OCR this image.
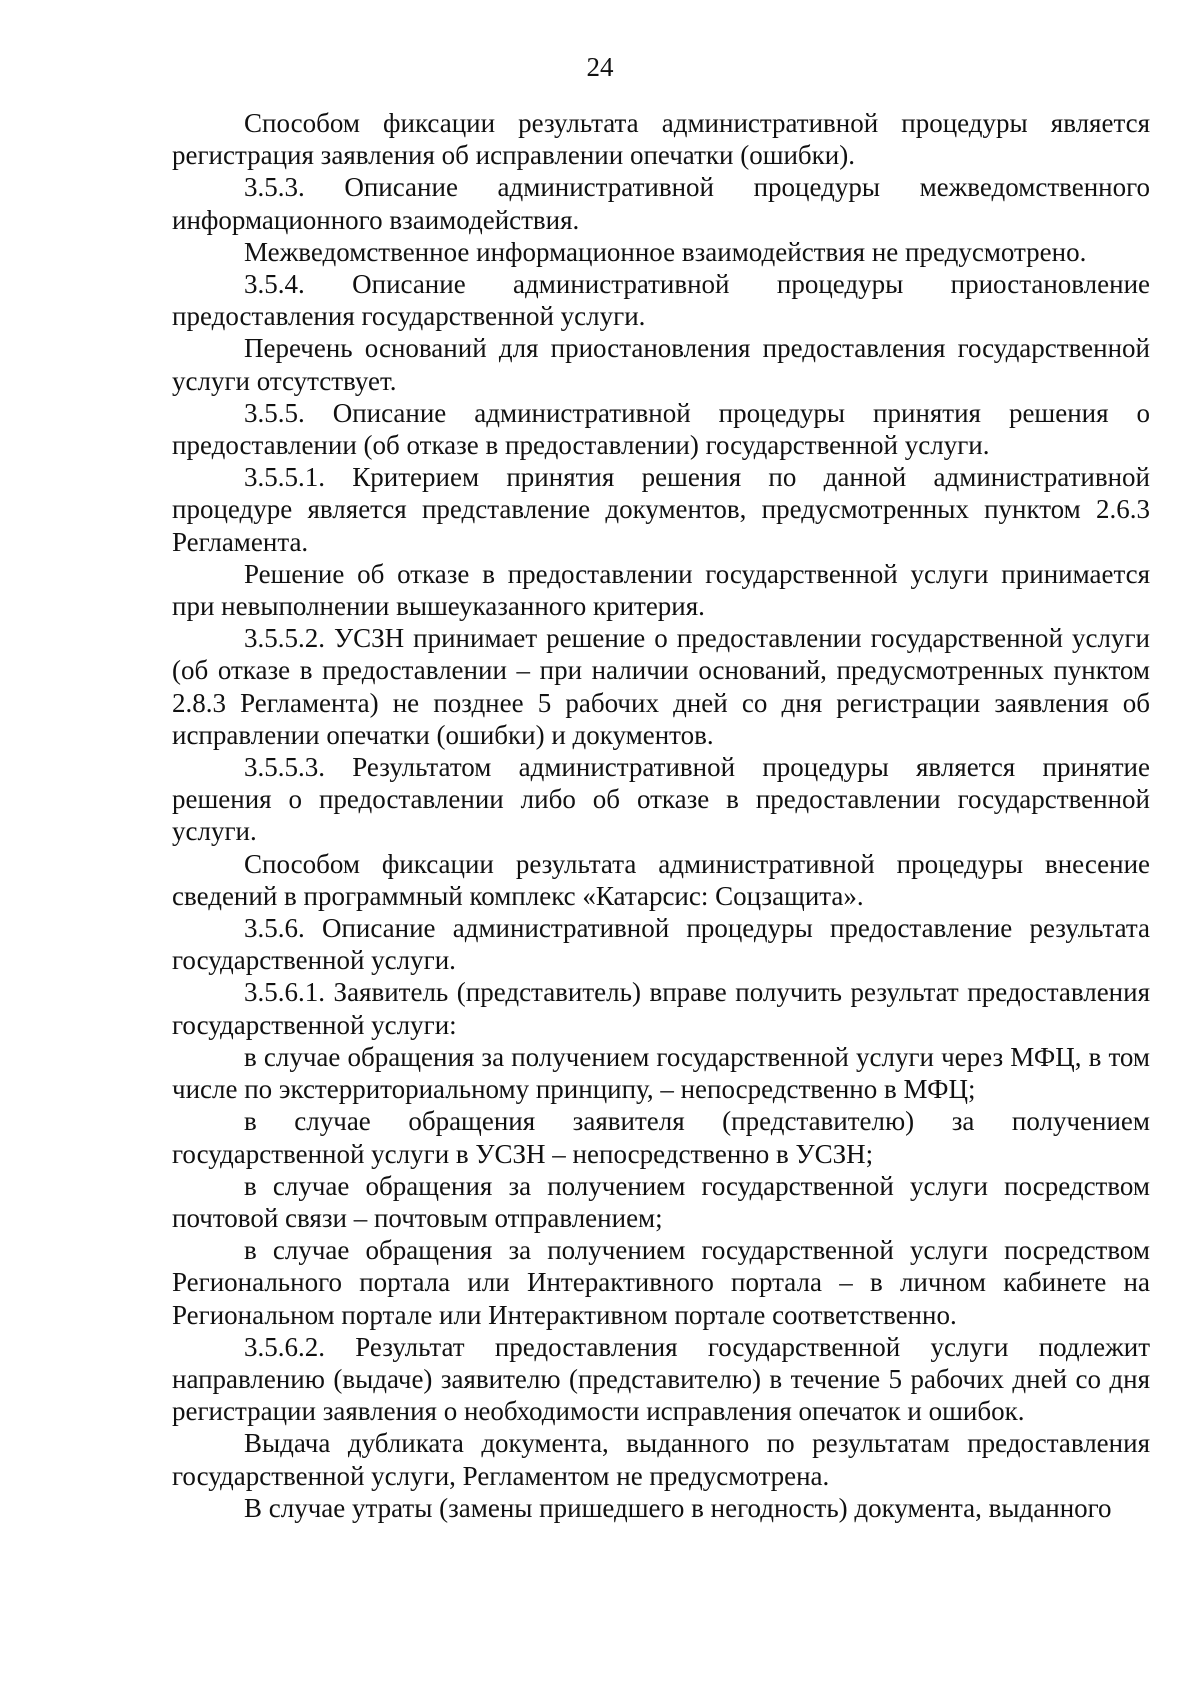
24

Способом фиксации результата административной процедуры является регистрация заявления об исправлении опечатки (ошибки).

3.5.3. Описание административной процедуры межведомственного информационного взаимодействия.

Межведомственное информационное взаимодействия не предусмотрено.

3.5.4. Описание административной процедуры приостановление предоставления государственной услуги.

Перечень оснований для приостановления предоставления государственной услуги отсутствует.

3.5.5. Описание административной процедуры принятия решения о предоставлении (об отказе в предоставлении) государственной услуги.

3.5.5.1. Критерием принятия решения по данной административной процедуре является представление документов, предусмотренных пунктом 2.6.3 Регламента.

Решение об отказе в предоставлении государственной услуги принимается при невыполнении вышеуказанного критерия.

3.5.5.2. УСЗН принимает решение о предоставлении государственной услуги (об отказе в предоставлении – при наличии оснований, предусмотренных пунктом 2.8.3 Регламента) не позднее 5 рабочих дней со дня регистрации заявления об исправлении опечатки (ошибки) и документов.

3.5.5.3. Результатом административной процедуры является принятие решения о предоставлении либо об отказе в предоставлении государственной услуги.

Способом фиксации результата административной процедуры внесение сведений в программный комплекс «Катарсис: Соцзащита».

3.5.6. Описание административной процедуры предоставление результата государственной услуги.

3.5.6.1. Заявитель (представитель) вправе получить результат предоставления государственной услуги:

в случае обращения за получением государственной услуги через МФЦ, в том числе по экстерриториальному принципу, – непосредственно в МФЦ;

в случае обращения заявителя (представителю) за получением государственной услуги в УСЗН – непосредственно в УСЗН;

в случае обращения за получением государственной услуги посредством почтовой связи – почтовым отправлением;

в случае обращения за получением государственной услуги посредством Регионального портала или Интерактивного портала – в личном кабинете на Региональном портале или Интерактивном портале соответственно.

3.5.6.2. Результат предоставления государственной услуги подлежит направлению (выдаче) заявителю (представителю) в течение 5 рабочих дней со дня регистрации заявления о необходимости исправления опечаток и ошибок.

Выдача дубликата документа, выданного по результатам предоставления государственной услуги, Регламентом не предусмотрена.

В случае утраты (замены пришедшего в негодность) документа, выданного
